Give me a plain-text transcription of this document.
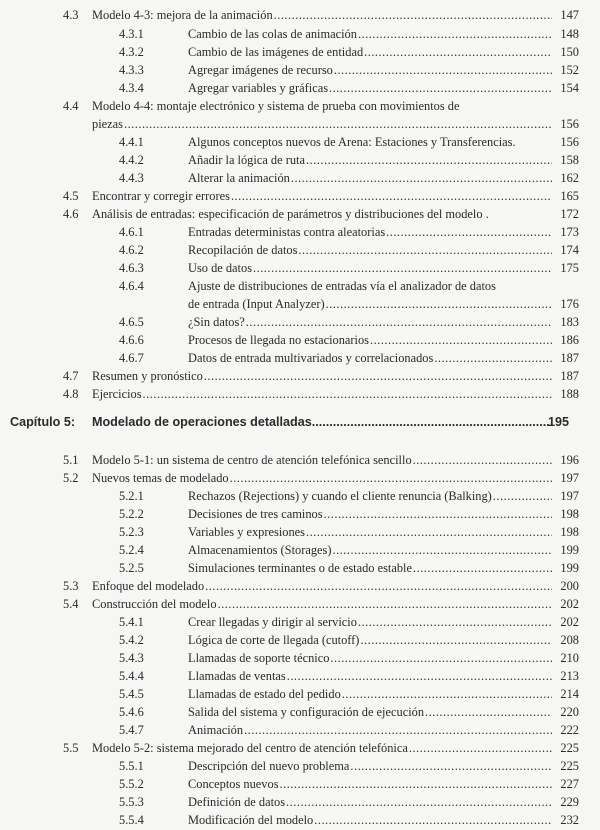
4.3 Modelo 4-3: mejora de la animación .....	147
4.3.1	Cambio de las colas de animación .....	148
4.3.2	Cambio de las imágenes de entidad .....	150
4.3.3	Agregar imágenes de recurso .....	152
4.3.4	Agregar variables y gráficas .....	154
4.4 Modelo 4-4: montaje electrónico y sistema de prueba con movimientos de
piezas .....	156
4.4.1	Algunos conceptos nuevos de Arena: Estaciones y Transferencias.	156
4.4.2	Añadir la lógica de ruta .....	158
4.4.3	Alterar la animación .....	162
4.5 Encontrar y corregir errores .....	165
4.6 Análisis de entradas: especificación de parámetros y distribuciones del modelo .	172
4.6.1	Entradas deterministas contra aleatorias .....	173
4.6.2	Recopilación de datos .....	174
4.6.3	Uso de datos .....	175
4.6.4	Ajuste de distribuciones de entradas vía el analizador de datos
de entrada (Input Analyzer) .....	176
4.6.5	¿Sin datos? .....	183
4.6.6	Procesos de llegada no estacionarios .....	186
4.6.7	Datos de entrada multivariados y correlacionados .....	187
4.7 Resumen y pronóstico .....	187
4.8 Ejercicios .....	188
Capítulo 5: Modelado de operaciones detalladas .....	195
5.1 Modelo 5-1: un sistema de centro de atención telefónica sencillo .....	196
5.2 Nuevos temas de modelado .....	197
5.2.1	Rechazos (Rejections) y cuando el cliente renuncia (Balking) .....	197
5.2.2	Decisiones de tres caminos .....	198
5.2.3	Variables y expresiones .....	198
5.2.4	Almacenamientos (Storages) .....	199
5.2.5	Simulaciones terminantes o de estado estable .....	199
5.3 Enfoque del modelado .....	200
5.4 Construcción del modelo .....	202
5.4.1	Crear llegadas y dirigir al servicio .....	202
5.4.2	Lógica de corte de llegada (cutoff) .....	208
5.4.3	Llamadas de soporte técnico .....	210
5.4.4	Llamadas de ventas .....	213
5.4.5	Llamadas de estado del pedido .....	214
5.4.6	Salida del sistema y configuración de ejecución .....	220
5.4.7	Animación .....	222
5.5 Modelo 5-2: sistema mejorado del centro de atención telefónica .....	225
5.5.1	Descripción del nuevo problema .....	225
5.5.2	Conceptos nuevos .....	227
5.5.3	Definición de datos .....	229
5.5.4	Modificación del modelo .....	232
